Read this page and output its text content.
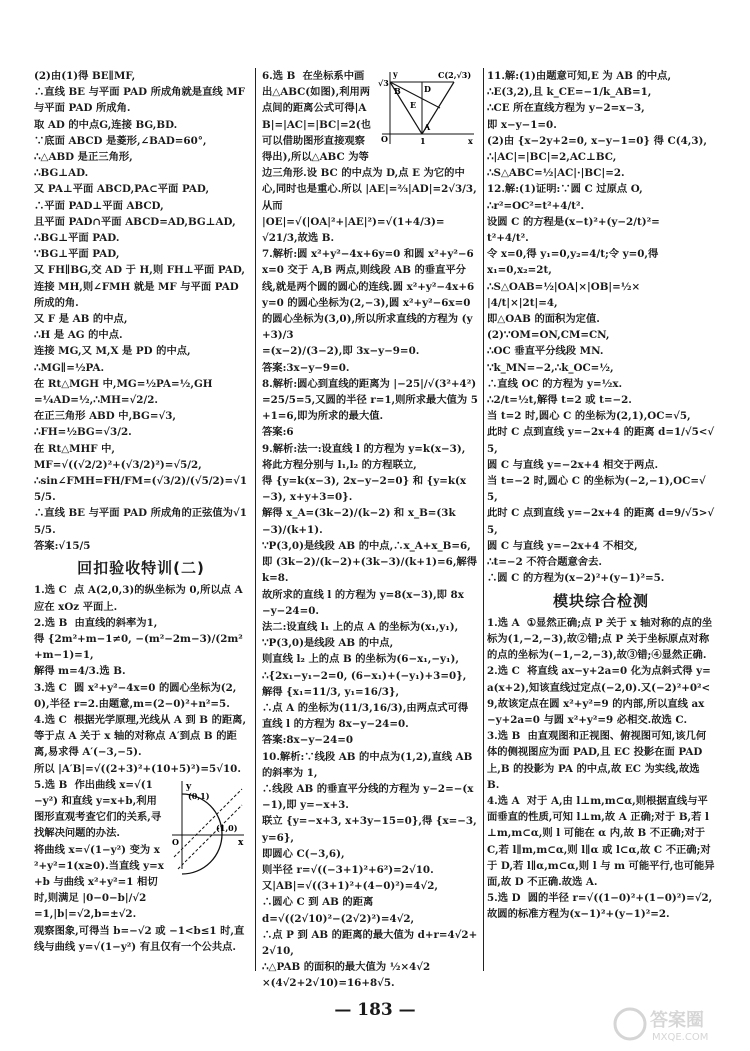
(2)由(1)得 BE∥MF,
∴直线 BE 与平面 PAD 所成角就是直线 MF 与平面 PAD 所成角.
取 AD 的中点G,连接 BG,BD.
∵底面 ABCD 是菱形,∠BAD=60°,
∴△ABD 是正三角形,
∴BG⊥AD.
又 PA⊥平面 ABCD,PA⊂平面 PAD,
∴平面 PAD⊥平面 ABCD,
且平面 PAD∩平面 ABCD=AD,BG⊥AD,
∴BG⊥平面 PAD.
∵BG⊥平面 PAD,
又 FH∥BG,交 AD 于 H,则 FH⊥平面 PAD,连接 MH,则∠FMH 就是 MF 与平面 PAD 所成的角.
又 F 是 AB 的中点,
∴H 是 AG 的中点.
连接 MG,又 M,X 是 PD 的中点,
∴MG∥=½PA.
在 Rt△MGH 中,MG=½PA=½,GH
=¼AD=½,∴MH=√2/2.
在正三角形 ABD 中,BG=√3,
∴FH=½BG=√3/2.
在 Rt△MHF 中,
MF=√((√2/2)²+(√3/2)²)=√5/2,
∴sin∠FMH=FH/FM=(√3/2)/(√5/2)=√15/5.
∴直线 BE 与平面 PAD 所成角的正弦值为√15/5.
答案:√15/5
回扣验收特训(二)
1.选 C  点 A(2,0,3)的纵坐标为 0,所以点 A 应在 xOz 平面上.
2.选 B  由直线的斜率为1,
得 {2m²+m−1≠0, −(m²−2m−3)/(2m²+m−1)=1,
解得 m=4/3.选 B.
3.选 C  圆 x²+y²−4x=0 的圆心坐标为(2,0),半径 r=2.由题意,m=(2−0)²+n²=5.
4.选 C  根据光学原理,光线从 A 到 B 的距离,等于点 A 关于 x 轴的对称点 A′到点 B 的距离,易求得 A′(−3,−5).
所以 |A′B|=√((2+3)²+(10+5)²)=5√10.
y
(0,1)
O
(1,0)
x
5.选 B  作出曲线 x=√(1−y²) 和直线 y=x+b,利用图形直观考查它们的关系,寻找解决问题的办法.
将曲线 x=√(1−y²) 变为 x²+y²=1(x≥0).当直线 y=x+b 与曲线 x²+y²=1 相切时,则满足 |0−0−b|/√2
=1,|b|=√2,b=±√2.
观察图象,可得当 b=−√2 或 −1<b≤1 时,直线与曲线 y=√(1−y²) 有且仅有一个公共点.
y
√3
B	D
E
C(2,√3)
A
O	1	x
6.选 B  在坐标系中画出△ABC(如图),利用两点间的距离公式可得|AB|=|AC|=|BC|=2(也可以借助图形直接观察得出),所以△ABC 为等边三角形.设 BC 的中点为 D,点 E 为它的中心,同时也是重心.所以 |AE|=⅔|AD|=2√3/3,从而
|OE|=√(|OA|²+|AE|²)=√(1+4/3)=
√21/3,故选 B.
7.解析:圆 x²+y²−4x+6y=0 和圆 x²+y²−6x=0 交于 A,B 两点,则线段 AB 的垂直平分线,就是两个圆的圆心的连线.圆 x²+y²−4x+6y=0 的圆心坐标为(2,−3),圆 x²+y²−6x=0 的圆心坐标为(3,0),所以所求直线的方程为 (y+3)/3
=(x−2)/(3−2),即 3x−y−9=0.
答案:3x−y−9=0.
8.解析:圆心到直线的距离为 |−25|/√(3²+4²)
=25/5=5,又圆的半径 r=1,则所求最大值为 5+1=6,即为所求的最大值.
答案:6
9.解析:法一:设直线 l 的方程为 y=k(x−3),
将此方程分别与 l₁,l₂ 的方程联立,
得 {y=k(x−3), 2x−y−2=0} 和 {y=k(x−3), x+y+3=0}.
解得 x_A=(3k−2)/(k−2) 和 x_B=(3k−3)/(k+1).
∵P(3,0)是线段 AB 的中点,∴x_A+x_B=6,
即 (3k−2)/(k−2)+(3k−3)/(k+1)=6,解得 k=8.
故所求的直线 l 的方程为 y=8(x−3),即 8x−y−24=0.
法二:设直线 l₁ 上的点 A 的坐标为(x₁,y₁),
∵P(3,0)是线段 AB 的中点,
则直线 l₂ 上的点 B 的坐标为(6−x₁,−y₁),
∴{2x₁−y₁−2=0, (6−x₁)+(−y₁)+3=0},
解得 {x₁=11/3, y₁=16/3},
∴点 A 的坐标为(11/3,16/3),由两点式可得直线 l 的方程为 8x−y−24=0.
答案:8x−y−24=0
10.解析:∵线段 AB 的中点为(1,2),直线 AB 的斜率为 1,
∴线段 AB 的垂直平分线的方程为 y−2=−(x−1),即 y=−x+3.
联立 {y=−x+3, x+3y−15=0},得 {x=−3, y=6},
即圆心 C(−3,6),
则半径 r=√((−3+1)²+6²)=2√10.
又|AB|=√((3+1)²+(4−0)²)=4√2,
∴圆心 C 到 AB 的距离
d=√((2√10)²−(2√2)²)=4√2,
∴点 P 到 AB 的距离的最大值为 d+r=4√2+2√10,
∴△PAB 的面积的最大值为 ½×4√2
×(4√2+2√10)=16+8√5.
11.解:(1)由题意可知,E 为 AB 的中点,
∴E(3,2),且 k_CE=−1/k_AB=1,
∴CE 所在直线方程为 y−2=x−3,
即 x−y−1=0.
(2)由 {x−2y+2=0, x−y−1=0} 得 C(4,3),
∴|AC|=|BC|=2,AC⊥BC,
∴S△ABC=½|AC|·|BC|=2.
12.解:(1)证明:∵圆 C 过原点 O,
∴r²=OC²=t²+4/t².
设圆 C 的方程是(x−t)²+(y−2/t)²=
t²+4/t².
令 x=0,得 y₁=0,y₂=4/t;令 y=0,得
x₁=0,x₂=2t,
∴S△OAB=½|OA|×|OB|=½×
|4/t|×|2t|=4,
即△OAB 的面积为定值.
(2)∵OM=ON,CM=CN,
∴OC 垂直平分线段 MN.
∵k_MN=−2,∴k_OC=½,
∴直线 OC 的方程为 y=½x.
∴2/t=½t,解得 t=2 或 t=−2.
当 t=2 时,圆心 C 的坐标为(2,1),OC=√5,
此时 C 点到直线 y=−2x+4 的距离 d=1/√5<√5,
圆 C 与直线 y=−2x+4 相交于两点.
当 t=−2 时,圆心 C 的坐标为(−2,−1),OC=√5,
此时 C 点到直线 y=−2x+4 的距离 d=9/√5>√5,
圆 C 与直线 y=−2x+4 不相交,
∴t=−2 不符合题意舍去.
∴圆 C 的方程为(x−2)²+(y−1)²=5.
模块综合检测
1.选 A  ①显然正确;点 P 关于 x 轴对称的点的坐标为(1,−2,−3),故②错;点 P 关于坐标原点对称的点的坐标为(−1,−2,−3),故③错;④显然正确.
2.选 C  将直线 ax−y+2a=0 化为点斜式得 y=a(x+2),知该直线过定点(−2,0).又(−2)²+0²<9,故该定点在圆 x²+y²=9 的内部,所以直线 ax−y+2a=0 与圆 x²+y²=9 必相交.故选 C.
3.选 B  由直观图和正视图、俯视图可知,该几何体的侧视图应为面 PAD,且 EC 投影在面 PAD 上,B 的投影为 PA 的中点,故 EC 为实线,故选 B.
4.选 A  对于 A,由 l⊥m,m⊂α,则根据直线与平面垂直的性质,可知 l⊥m,故 A 正确;对于 B,若 l⊥m,m⊂α,则 l 可能在 α 内,故 B 不正确;对于 C,若 l∥m,m⊂α,则 l∥α 或 l⊂α,故 C 不正确;对于 D,若 l∥α,m⊂α,则 l 与 m 可能平行,也可能异面,故 D 不正确.故选 A.
5.选 D  圆的半径 r=√((1−0)²+(1−0)²)=√2,故圆的标准方程为(x−1)²+(y−1)²=2.
— 183 —	答案圈
MXQE.COM
